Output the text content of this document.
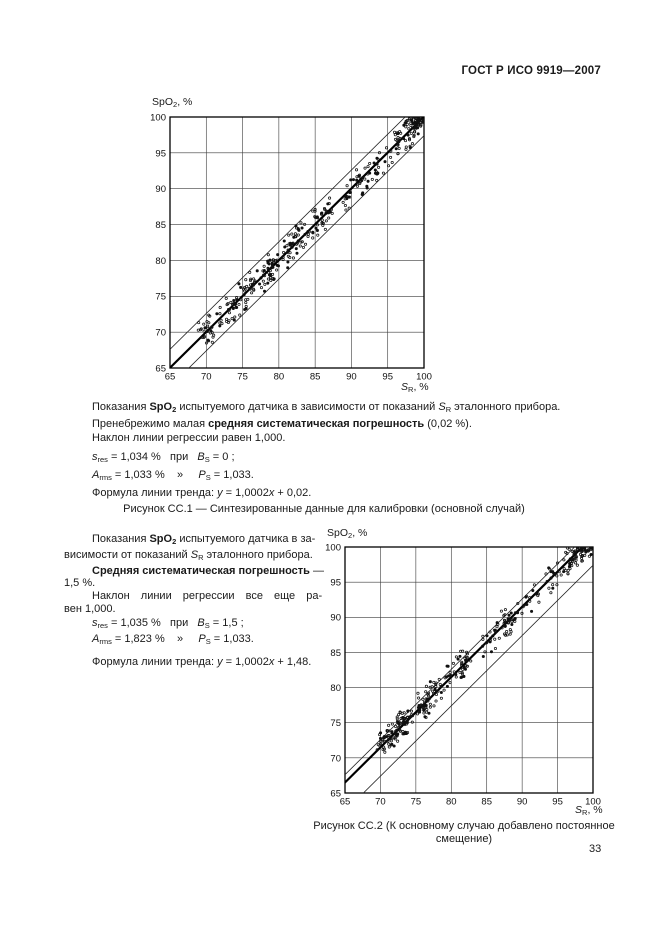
ГОСТ Р ИСО 9919—2007
65	70	75	80	85	90	95 100
65
70
75
80
85
90
95
100
SpO$_2$, %
$S_R$, %
Показания SpO2 испытуемого датчика в зависимости от показаний $S_R$ эталонного прибора.
Пренебрежимо малая средняя систематическая погрешность (0,02 %).
Наклон линии регрессии равен 1,000.
$s_{res} = 1,034$ %   при   $B_S = 0$ ;
$A_{rms} = 1,033$ %    »     $P_S = 1,033$.
Формула линии тренда: y = 1,0002x + 0,02.
Рисунок СС.1 — Синтезированные данные для калибровки (основной случай)
Показания SpO2 испытуемого датчика в за-
висимости от показаний $S_R$ эталонного прибора.
Средняя систематическая погрешность —
1,5 %.
Наклон линии регрессии все еще ра-
вен 1,000.
$s_{res} = 1,035$ %   при   $B_S = 1,5$ ;
$A_{rms} = 1,823$ %    »     $P_S = 1,033$.
Формула линии тренда: y = 1,0002x + 1,48.
65	70	75	80	85	90	95 100
65
70
75
80
85
90
95
100
SpO$_2$, %
$S_R$, %
Рисунок СС.2 (К основному случаю добавлено постоянное
смещение)
33
